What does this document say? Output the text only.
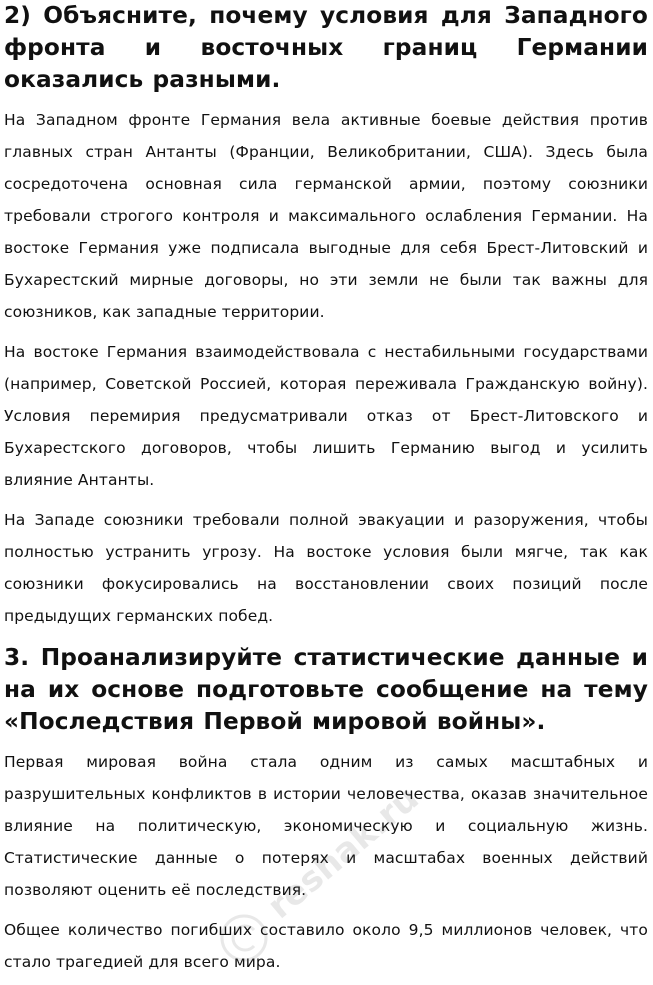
2) Объясните, почему условия для Западного фронта и восточных границ Германии оказались разными.

На Западном фронте Германия вела активные боевые действия против главных стран Антанты (Франции, Великобритании, США). Здесь была сосредоточена основная сила германской армии, поэтому союзники требовали строгого контроля и максимального ослабления Германии. На востоке Германия уже подписала выгодные для себя Брест-Литовский и Бухарестский мирные договоры, но эти земли не были так важны для союзников, как западные территории.

На востоке Германия взаимодействовала с нестабильными государствами (например, Советской Россией, которая переживала Гражданскую войну). Условия перемирия предусматривали отказ от Брест-Литовского и Бухарестского договоров, чтобы лишить Германию выгод и усилить влияние Антанты.

На Западе союзники требовали полной эвакуации и разоружения, чтобы полностью устранить угрозу. На востоке условия были мягче, так как союзники фокусировались на восстановлении своих позиций после предыдущих германских побед.

3. Проанализируйте статистические данные и на их основе подготовьте сообщение на тему «Последствия Первой мировой войны».

Первая мировая война стала одним из самых масштабных и разрушительных конфликтов в истории человечества, оказав значительное влияние на политическую, экономическую и социальную жизнь. Статистические данные о потерях и масштабах военных действий позволяют оценить её последствия.

Общее количество погибших составило около 9,5 миллионов человек, что стало трагедией для всего мира.

reshak.ru
